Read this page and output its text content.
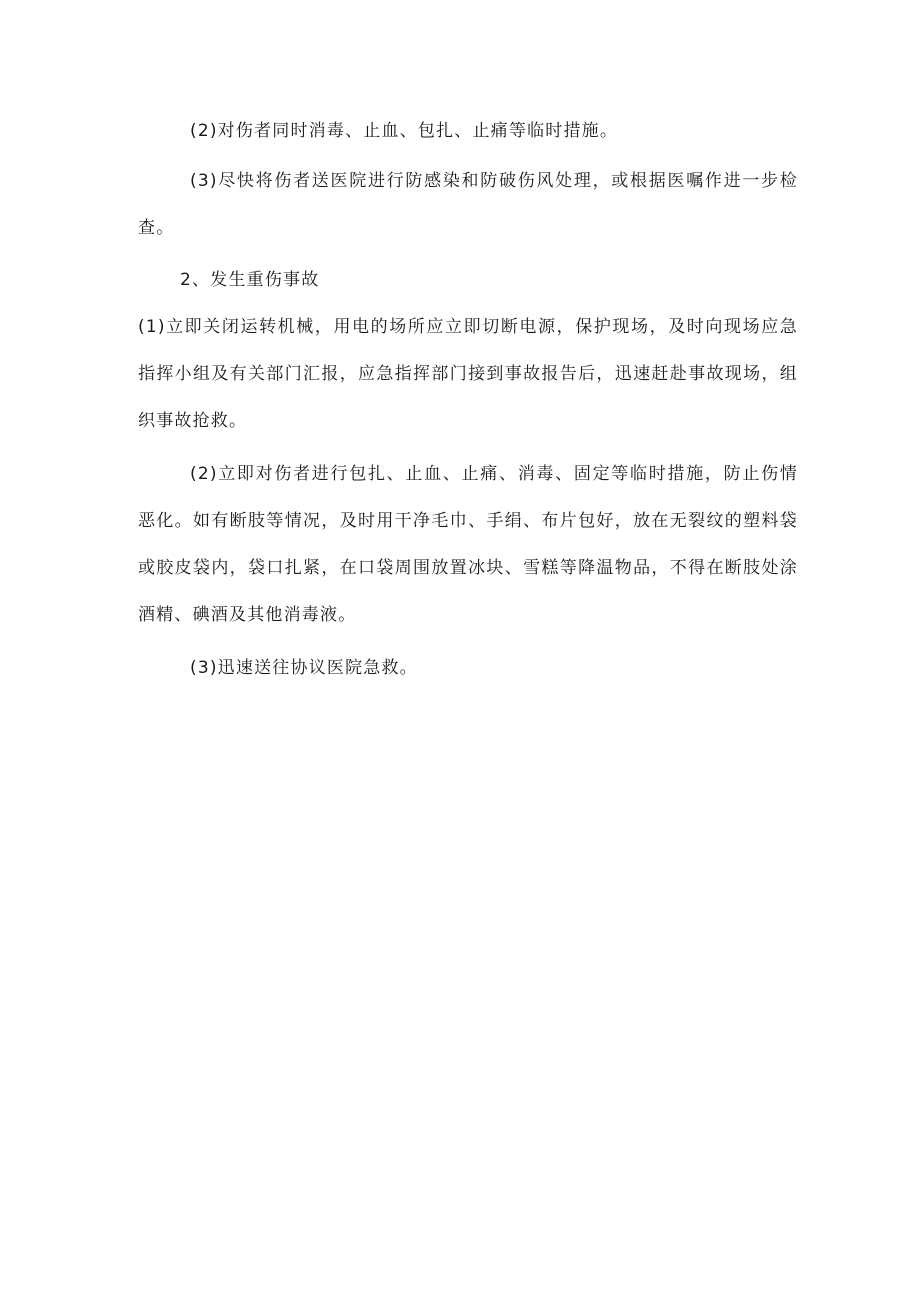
(2)对伤者同时消毒、止血、包扎、止痛等临时措施。

(3)尽快将伤者送医院进行防感染和防破伤风处理，或根据医嘱作进一步检查。

2、发生重伤事故

(1)立即关闭运转机械，用电的场所应立即切断电源，保护现场，及时向现场应急指挥小组及有关部门汇报，应急指挥部门接到事故报告后，迅速赶赴事故现场，组织事故抢救。

(2)立即对伤者进行包扎、止血、止痛、消毒、固定等临时措施，防止伤情恶化。如有断肢等情况，及时用干净毛巾、手绢、布片包好，放在无裂纹的塑料袋或胶皮袋内，袋口扎紧，在口袋周围放置冰块、雪糕等降温物品，不得在断肢处涂酒精、碘酒及其他消毒液。

(3)迅速送往协议医院急救。
